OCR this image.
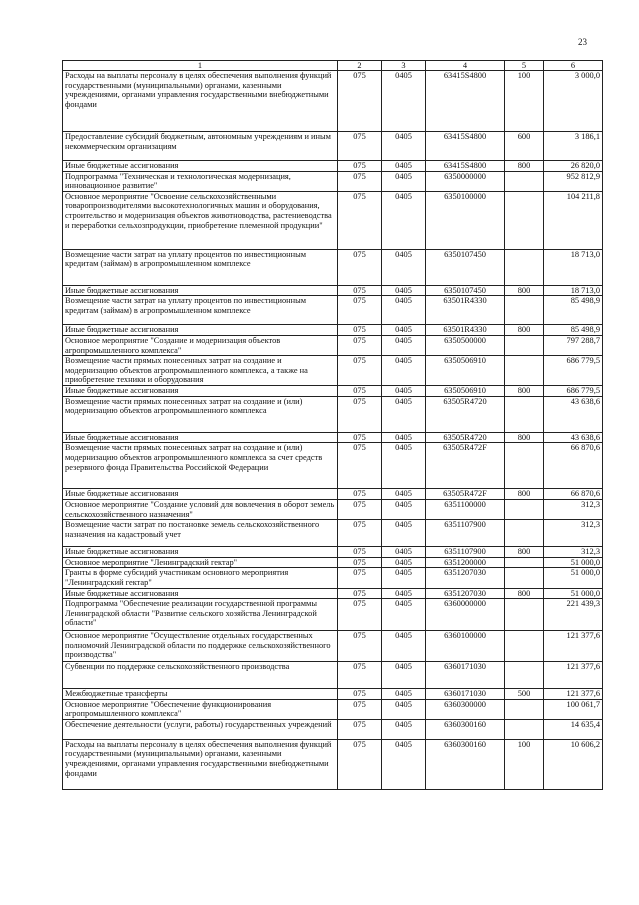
23
1	2	3	4	5	6
Расходы на выплаты персоналу в целях обеспечения выполнения функций государственными (муниципальными) органами, казенными учреждениями, органами управления государственными внебюджетными фондами	075	0405	63415S4800	100	3 000,0
Предоставление субсидий бюджетным, автономным учреждениям и иным некоммерческим организациям	075	0405	63415S4800	600	3 186,1
Иные бюджетные ассигнования	075	0405	63415S4800	800	26 820,0
Подпрограмма "Техническая и технологическая модернизация, инновационное развитие"	075	0405	6350000000		952 812,9
Основное мероприятие "Освоение сельскохозяйственными товаропроизводителями высокотехнологичных машин и оборудования, строительство и модернизация объектов животноводства, растениеводства и переработки сельхозпродукции, приобретение племенной продукции"	075	0405	6350100000		104 211,8
Возмещение части затрат на уплату процентов по инвестиционным кредитам (займам) в агропромышленном комплексе	075	0405	6350107450		18 713,0
Иные бюджетные ассигнования	075	0405	6350107450	800	18 713,0
Возмещение части затрат на уплату процентов по инвестиционным кредитам (займам) в агропромышленном комплексе	075	0405	63501R4330		85 498,9
Иные бюджетные ассигнования	075	0405	63501R4330	800	85 498,9
Основное мероприятие "Создание и модернизация объектов агропромышленного комплекса"	075	0405	6350500000		797 288,7
Возмещение части прямых понесенных затрат на создание и модернизацию объектов агропромышленного комплекса, а также на приобретение техники и оборудования	075	0405	6350506910		686 779,5
Иные бюджетные ассигнования	075	0405	6350506910	800	686 779,5
Возмещение части прямых понесенных затрат на создание и (или) модернизацию объектов агропромышленного комплекса	075	0405	63505R4720		43 638,6
Иные бюджетные ассигнования	075	0405	63505R4720	800	43 638,6
Возмещение части прямых понесенных затрат на создание и (или) модернизацию объектов агропромышленного комплекса за счет средств резервного фонда Правительства Российской Федерации	075	0405	63505R472F		66 870,6
Иные бюджетные ассигнования	075	0405	63505R472F	800	66 870,6
Основное мероприятие "Создание условий для вовлечения в оборот земель сельскохозяйственного назначения"	075	0405	6351100000		312,3
Возмещение части затрат по постановке земель сельскохозяйственного назначения на кадастровый учет	075	0405	6351107900		312,3
Иные бюджетные ассигнования	075	0405	6351107900	800	312,3
Основное мероприятие "Ленинградский гектар"	075	0405	6351200000		51 000,0
Гранты в форме субсидий участникам основного мероприятия "Ленинградский гектар"	075	0405	6351207030		51 000,0
Иные бюджетные ассигнования	075	0405	6351207030	800	51 000,0
Подпрограмма "Обеспечение реализации государственной программы Ленинградской области "Развитие сельского хозяйства Ленинградской области"	075	0405	6360000000		221 439,3
Основное мероприятие "Осуществление отдельных государственных полномочий Ленинградской области по поддержке сельскохозяйственного производства"	075	0405	6360100000		121 377,6
Субвенции по поддержке сельскохозяйственного производства	075	0405	6360171030		121 377,6
Межбюджетные трансферты	075	0405	6360171030	500	121 377,6
Основное мероприятие "Обеспечение функционирования агропромышленного комплекса"	075	0405	6360300000		100 061,7
Обеспечение деятельности (услуги, работы) государственных учреждений	075	0405	6360300160		14 635,4
Расходы на выплаты персоналу в целях обеспечения выполнения функций государственными (муниципальными) органами, казенными учреждениями, органами управления государственными внебюджетными фондами	075	0405	6360300160	100	10 606,2
